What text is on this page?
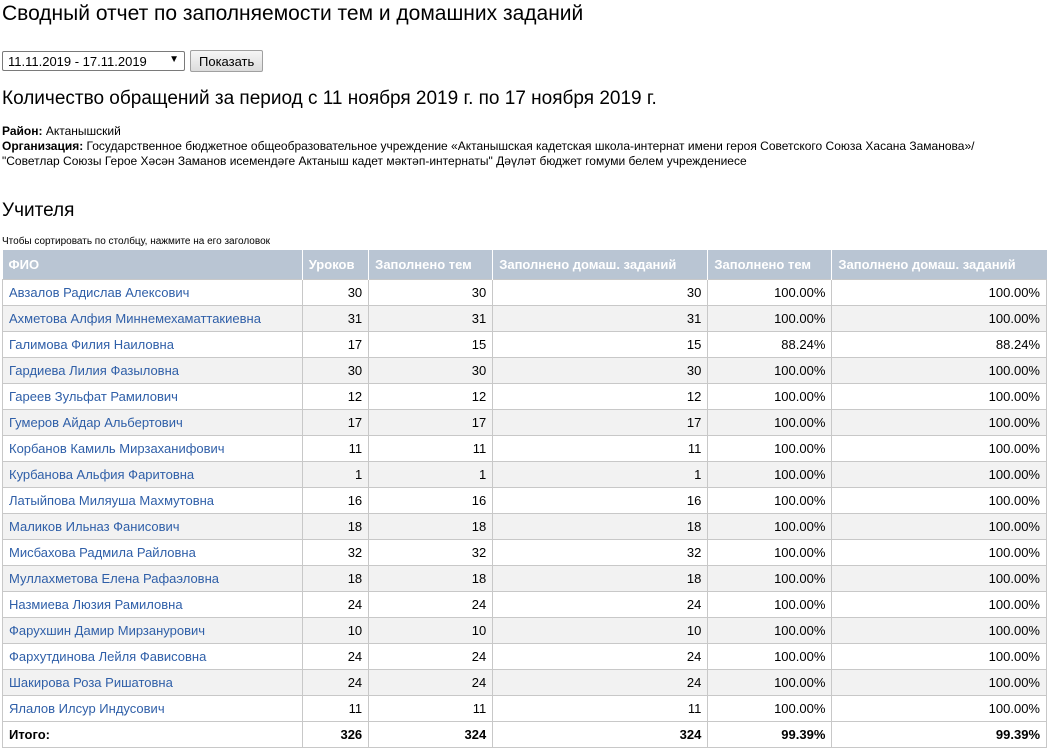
Сводный отчет по заполняемости тем и домашних заданий
11.11.2019 - 17.11.2019 ▼	Показать
Количество обращений за период с 11 ноября 2019 г. по 17 ноября 2019 г.
Район: Актанышский
Организация: Государственное бюджетное общеобразовательное учреждение «Актанышская кадетская школа-интернат имени героя Советского Союза Хасана Заманова»/ "Советлар Союзы Герое Хәсән Заманов исемендәге Актаныш кадет мәктәп-интернаты" Дәүләт бюджет гомуми белем учреждениесе
Учителя
Чтобы сортировать по столбцу, нажмите на его заголовок
ФИО	Уроков	Заполнено тем	Заполнено домаш. заданий	Заполнено тем	Заполнено домаш. заданий
Авзалов Радислав Алексович	30	30	30	100.00%	100.00%
Ахметова Алфия Миннемехаматтакиевна	31	31	31	100.00%	100.00%
Галимова Филия Наиловна	17	15	15	88.24%	88.24%
Гардиева Лилия Фазыловна	30	30	30	100.00%	100.00%
Гареев Зульфат Рамилович	12	12	12	100.00%	100.00%
Гумеров Айдар Альбертович	17	17	17	100.00%	100.00%
Корбанов Камиль Мирзаханифович	11	11	11	100.00%	100.00%
Курбанова Альфия Фаритовна	1	1	1	100.00%	100.00%
Латыйпова Миляуша Махмутовна	16	16	16	100.00%	100.00%
Маликов Ильназ Фанисович	18	18	18	100.00%	100.00%
Мисбахова Радмила Райловна	32	32	32	100.00%	100.00%
Муллахметова Елена Рафаэловна	18	18	18	100.00%	100.00%
Назмиева Люзия Рамиловна	24	24	24	100.00%	100.00%
Фарухшин Дамир Мирзанурович	10	10	10	100.00%	100.00%
Фархутдинова Лейля Фависовна	24	24	24	100.00%	100.00%
Шакирова Роза Ришатовна	24	24	24	100.00%	100.00%
Ялалов Илсур Индусович	11	11	11	100.00%	100.00%
Итого:	326	324	324	99.39%	99.39%
